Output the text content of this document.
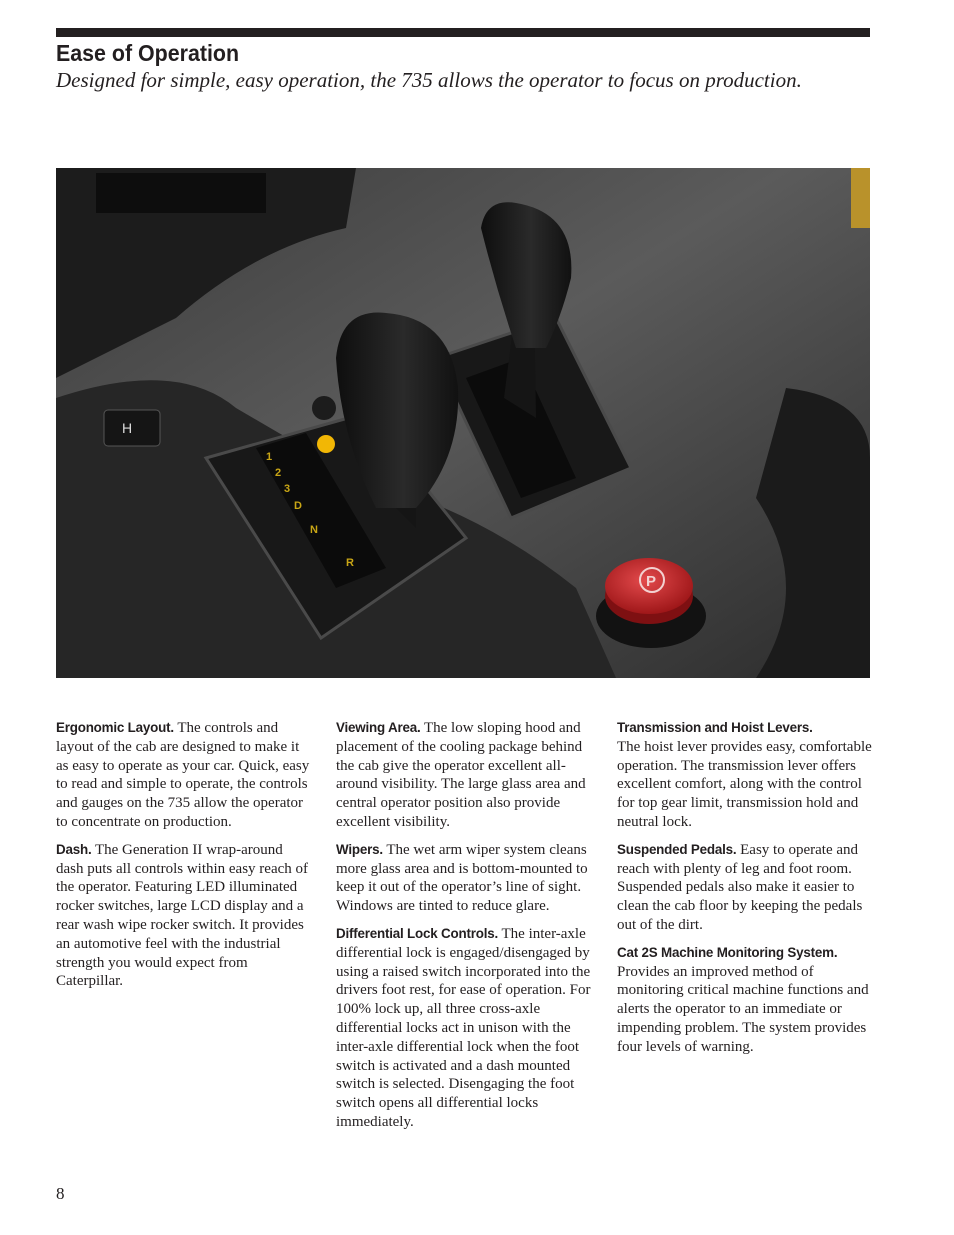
Ease of Operation

Designed for simple, easy operation, the 735 allows the operator to focus on production.

H
1
2
3
D
N
R
P

Ergonomic Layout. The controls and layout of the cab are designed to make it as easy to operate as your car. Quick, easy to read and simple to operate, the controls and gauges on the 735 allow the operator to concentrate on production.

Dash. The Generation II wrap-around dash puts all controls within easy reach of the operator. Featuring LED illuminated rocker switches, large LCD display and a rear wash wipe rocker switch. It provides an automotive feel with the industrial strength you would expect from Caterpillar.

Viewing Area. The low sloping hood and placement of the cooling package behind the cab give the operator excellent all-around visibility. The large glass area and central operator position also provide excellent visibility.

Wipers. The wet arm wiper system cleans more glass area and is bottom-mounted to keep it out of the operator’s line of sight. Windows are tinted to reduce glare.

Differential Lock Controls. The inter-axle differential lock is engaged/disengaged by using a raised switch incorporated into the drivers foot rest, for ease of operation. For 100% lock up, all three cross-axle differential locks act in unison with the inter-axle differential lock when the foot switch is activated and a dash mounted switch is selected. Disengaging the foot switch opens all differential locks immediately.

Transmission and Hoist Levers.
The hoist lever provides easy, comfortable operation. The transmission lever offers excellent comfort, along with the control for top gear limit, transmission hold and neutral lock.

Suspended Pedals. Easy to operate and reach with plenty of leg and foot room. Suspended pedals also make it easier to clean the cab floor by keeping the pedals out of the dirt.

Cat 2S Machine Monitoring System.
Provides an improved method of monitoring critical machine functions and alerts the operator to an immediate or impending problem. The system provides four levels of warning.

8
